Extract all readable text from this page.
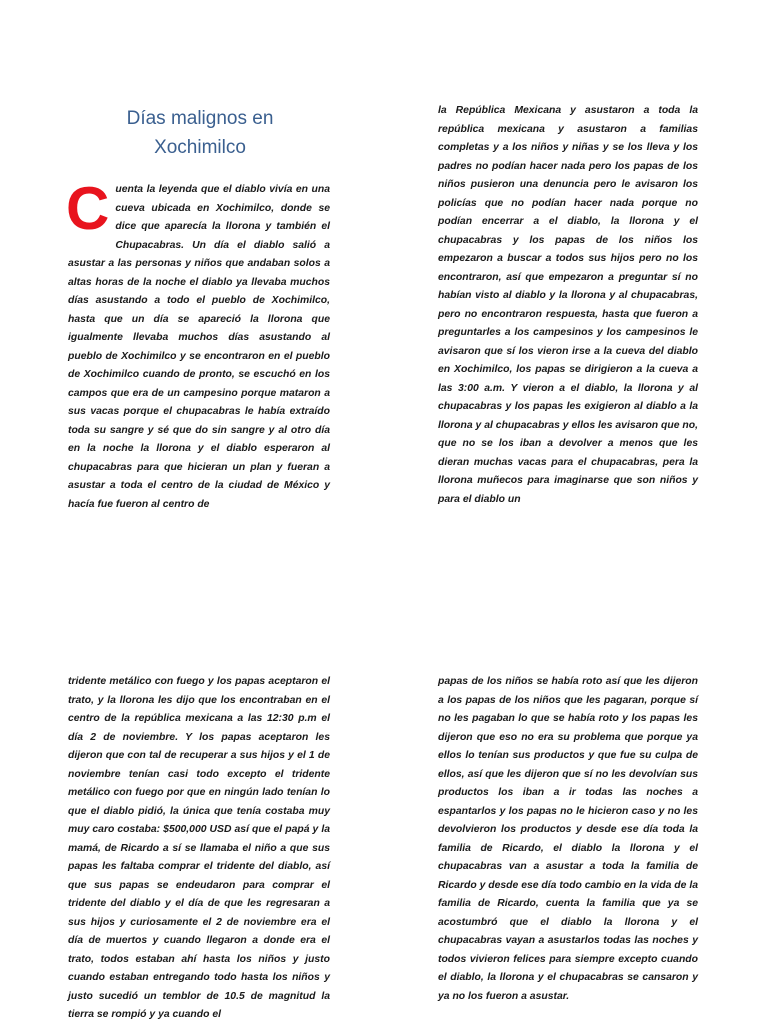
Días malignos en Xochimilco
Cuenta la leyenda que el diablo vivía en una cueva ubicada en Xochimilco, donde se dice que aparecía la llorona y también el Chupacabras. Un día el diablo salió a asustar a las personas y niños que andaban solos a altas horas de la noche el diablo ya llevaba muchos días asustando a todo el pueblo de Xochimilco, hasta que un día se apareció la llorona que igualmente llevaba muchos días asustando al pueblo de Xochimilco y se encontraron en el pueblo de Xochimilco cuando de pronto, se escuchó en los campos que era de un campesino porque mataron a sus vacas porque el chupacabras le había extraído toda su sangre y sé que do sin sangre y al otro día en la noche la llorona y el diablo esperaron al chupacabras para que hicieran un plan y fueran a asustar a toda el centro de la ciudad de México y hacía fue fueron al centro de
la República Mexicana y asustaron a toda la república mexicana y asustaron a familias completas y a los niños y niñas y se los lleva y los padres no podían hacer nada pero los papas de los niños pusieron una denuncia pero le avisaron los policías que no podían hacer nada porque no podían encerrar a el diablo, la llorona y el chupacabras y los papas de los niños los empezaron a buscar a todos sus hijos pero no los encontraron, así que empezaron a preguntar sí no habían visto al diablo y la llorona y al chupacabras, pero no encontraron respuesta, hasta que fueron a preguntarles a los campesinos y los campesinos le avisaron que sí los vieron irse a la cueva del diablo en Xochimilco, los papas se dirigieron a la cueva a las 3:00 a.m. Y vieron a el diablo, la llorona y al chupacabras y los papas les exigieron al diablo a la llorona y al chupacabras y ellos les avisaron que no, que no se los iban a devolver a menos que les dieran muchas vacas para el chupacabras, pera la llorona muñecos para imaginarse que son niños y para el diablo un
tridente metálico con fuego y los papas aceptaron el trato, y la llorona les dijo que los encontraban en el centro de la república mexicana a las 12:30 p.m el día 2 de noviembre. Y los papas aceptaron les dijeron que con tal de recuperar a sus hijos y el 1 de noviembre tenían casi todo excepto el tridente metálico con fuego por que en ningún lado tenían lo que el diablo pidió, la única que tenía costaba muy muy caro costaba: $500,000 USD así que el papá y la mamá, de Ricardo a sí se llamaba el niño a que sus papas les faltaba comprar el tridente del diablo, así que sus papas se endeudaron para comprar el tridente del diablo y el día de que les regresaran a sus hijos y curiosamente el 2 de noviembre era el día de muertos y cuando llegaron a donde era el trato, todos estaban ahí hasta los niños y justo cuando estaban entregando todo hasta los niños y justo sucedió un temblor de 10.5 de magnitud la tierra se rompió y ya cuando el
papas de los niños se había roto así que les dijeron a los papas de los niños que les pagaran, porque sí no les pagaban lo que se había roto y los papas les dijeron que eso no era su problema que porque ya ellos lo tenían sus productos y que fue su culpa de ellos, así que les dijeron que sí no les devolvían sus productos los iban a ir todas las noches a espantarlos y los papas no le hicieron caso y no les devolvieron los productos y desde ese día toda la familia de Ricardo, el diablo la llorona y el chupacabras van a asustar a toda la familia de Ricardo y desde ese día todo cambio en la vida de la familia de Ricardo, cuenta la familia que ya se acostumbró que el diablo la llorona y el chupacabras vayan a asustarlos todas las noches y todos vivieron felices para siempre excepto cuando el diablo, la llorona y el chupacabras se cansaron y ya no los fueron a asustar.
